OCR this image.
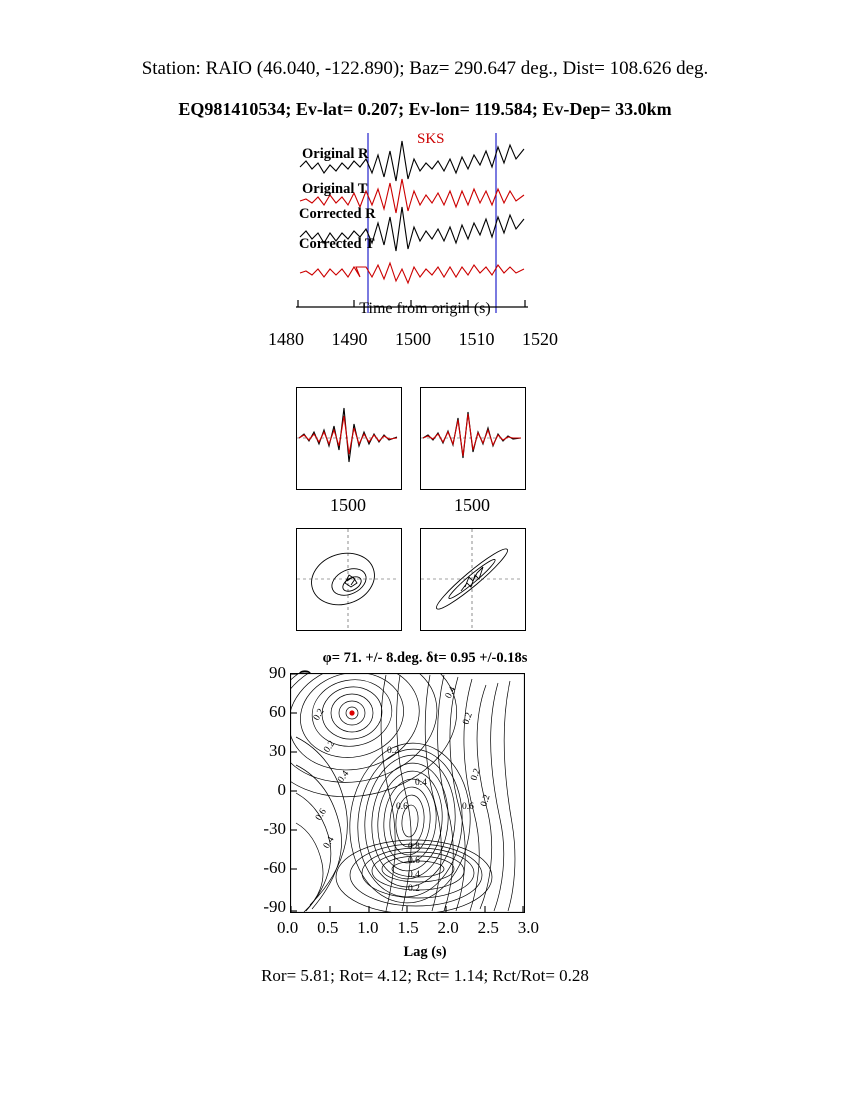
Station: RAIO (46.040, -122.890); Baz= 290.647 deg., Dist= 108.626 deg.
EQ981410534; Ev-lat= 0.207; Ev-lon= 119.584; Ev-Dep= 33.0km
Original R
Original T
Corrected R
Corrected T
SKS
Time from origin (s)
1480 1490 1500 1510 1520
1500	1500
φ= 71. +/- 8.deg. δt= 0.95 +/-0.18s
90
60
30
0
-30
-60
-90
0.2
0.2	0.2
0.4
0.2
0.4	0.4
0.2
0.6
0.6	0.6 0.2
0.4	0.8
0.6
0.4
0.2
0.0 0.5 1.0 1.5 2.0 2.5 3.0
Lag (s)
Ror= 5.81; Rot= 4.12; Rct= 1.14; Rct/Rot= 0.28
